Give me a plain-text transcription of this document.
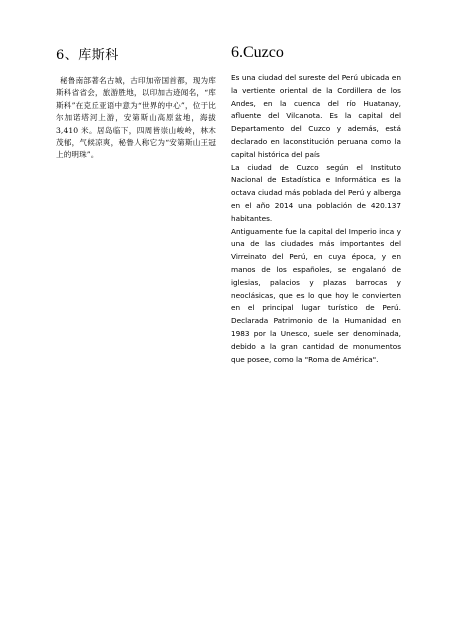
6、库斯科

秘鲁南部著名古城，古印加帝国首都，现为库斯科省省会，旅游胜地，以印加古迹闻名，“库斯科”在克丘亚语中意为“世界的中心”，位于比尔加诺塔河上游，安第斯山高原盆地，海拔 3,410 米。居岛临下，四周皆崇山峻岭，林木茂郁，气候凉爽，秘鲁人称它为“安第斯山王冠上的明珠”。

6.Cuzco

Es una ciudad del sureste del Perú ubicada en la vertiente oriental de la Cordillera de los Andes, en la cuenca del río Huatanay, afluente del Vilcanota. Es la capital del Departamento del Cuzco y además, está declarado en laconstitución peruana como la capital histórica del país

La ciudad de Cuzco según el Instituto Nacional de Estadística e Informática es la octava ciudad más poblada del Perú y alberga en el año 2014 una población de 420.137 habitantes.

Antiguamente fue la capital del Imperio inca y una de las ciudades más importantes del Virreinato del Perú, en cuya época, y en manos de los españoles, se engalanó de iglesias, palacios y plazas barrocas y neoclásicas, que es lo que hoy le convierten en el principal lugar turístico de Perú. Declarada Patrimonio de la Humanidad en 1983 por la Unesco, suele ser denominada, debido a la gran cantidad de monumentos que posee, como la "Roma de América".
